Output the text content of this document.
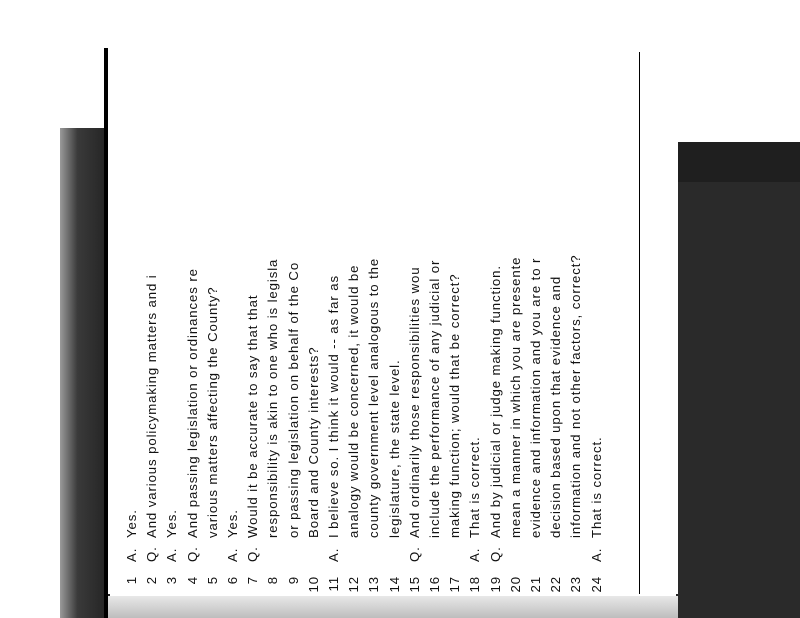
1
A.
Yes.
2
Q.
And various policymaking matters and i
3
A.
Yes.
4
Q.
And passing legislation or ordinances re
5
various matters affecting the County?
6
A.
Yes.
7
Q.
Would it be accurate to say that that
8
responsibility is akin to one who is legisla
9
or passing legislation on behalf of the Co
10
Board and County interests?
11
A.
I believe so. I think it would -- as far as
12
analogy would be concerned, it would be
13
county government level analogous to the
14
legislature, the state level.
15
Q.
And ordinarily those responsibilities wou
16
include the performance of any judicial or
17
making function; would that be correct?
18
A.
That is correct.
19
Q.
And by judicial or judge making function.
20
mean a manner in which you are presente
21
evidence and information and you are to r
22
decision based upon that evidence and
23
information and not other factors, correct?
24
A.
That is correct.
